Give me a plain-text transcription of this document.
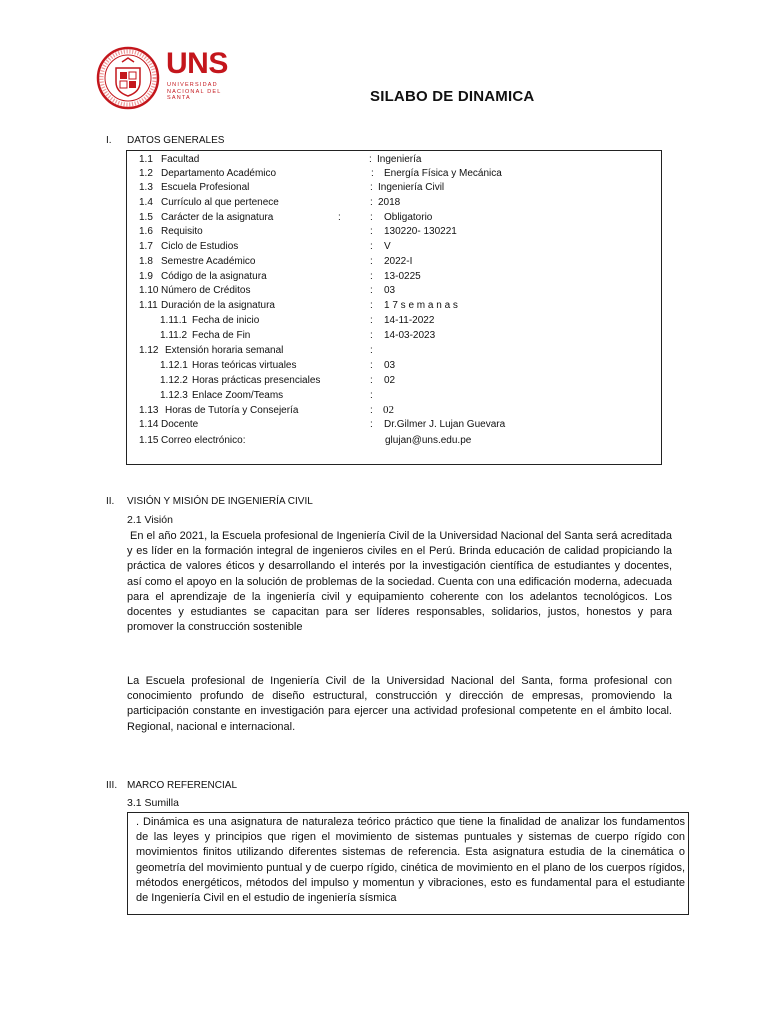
UNS
UNIVERSIDAD
NACIONAL DEL SANTA	SILABO DE DINAMICA
I. DATOS GENERALES
1.1 Facultad	: Ingeniería
1.2 Departamento Académico	: Energía Física y Mecánica
1.3 Escuela Profesional	: Ingeniería Civil
1.4 Currículo al que pertenece	: 2018
1.5 Carácter de la asignatura	:	: Obligatorio
1.6 Requisito	: 130220- 130221
1.7 Ciclo de Estudios	: V
1.8 Semestre Académico	: 2022-I
1.9 Código de la asignatura	: 13-0225
1.10 Número de Créditos	: 03
1.11 Duración de la asignatura	: 1 7 s e m a n a s
1.11.1 Fecha de inicio	: 14-11-2022
1.11.2 Fecha de Fin	: 14-03-2023
1.12 Extensión horaria semanal	:
1.12.1 Horas teóricas virtuales	: 03
1.12.2 Horas prácticas presenciales	: 02
1.12.3 Enlace Zoom/Teams	:
1.13 Horas de Tutoría y Consejería	: 02
1.14 Docente	: Dr.Gilmer J. Lujan Guevara
1.15 Correo electrónico:	glujan@uns.edu.pe
II. VISIÓN Y MISIÓN DE INGENIERÍA CIVIL
2.1 Visión
En el año 2021, la Escuela profesional de Ingeniería Civil de la Universidad Nacional del Santa será acreditada y es líder en la formación integral de ingenieros civiles en el Perú. Brinda educación de calidad propiciando la práctica de valores éticos y desarrollando el interés por la investigación científica de estudiantes y docentes, así como el apoyo en la solución de problemas de la sociedad. Cuenta con una edificación moderna, adecuada para el aprendizaje de la ingeniería civil y equipamiento coherente con los adelantos tecnológicos. Los docentes y estudiantes se capacitan para ser líderes responsables, solidarios, justos, honestos y para promover la construcción sostenible
La Escuela profesional de Ingeniería Civil de la Universidad Nacional del Santa, forma profesional con conocimiento profundo de diseño estructural, construcción y dirección de empresas, promoviendo la participación constante en investigación para ejercer una actividad profesional competente en el ámbito local. Regional, nacional e internacional.
III. MARCO REFERENCIAL
3.1 Sumilla
. Dinámica es una asignatura de naturaleza teórico práctico que tiene la finalidad de analizar los fundamentos de las leyes y principios que rigen el movimiento de sistemas puntuales y sistemas de cuerpo rígido con movimientos finitos utilizando diferentes sistemas de referencia. Esta asignatura estudia de la cinemática o geometría del movimiento puntual y de cuerpo rígido, cinética de movimiento en el plano de los cuerpos rígidos, métodos energéticos, métodos del impulso y momentun y vibraciones, esto es fundamental para el estudiante de Ingeniería Civil en el estudio de ingeniería sísmica
